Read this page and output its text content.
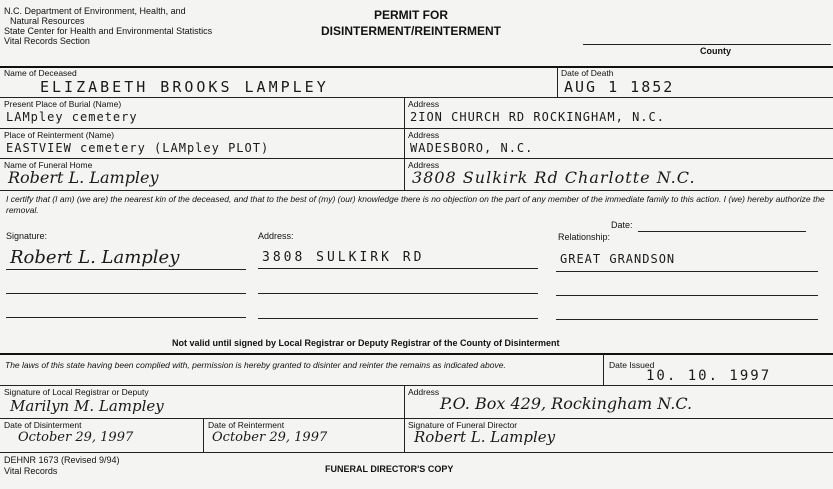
N.C. Department of Environment, Health, and
Natural Resources
State Center for Health and Environmental Statistics
Vital Records Section
PERMIT FOR
DISINTERMENT/REINTERMENT
County
Name of Deceased
ELIZABETH BROOKS LAMPLEY
Date of Death
AUG 1 1852
Present Place of Burial (Name)
LAMpley cemetery
Address
2ION CHURCH RD ROCKINGHAM, N.C.
Place of Reinterment (Name)
EASTVIEW cemetery (LAMpley PLOT)
Address
WADESBORO, N.C.
Name of Funeral Home
Robert L. Lampley
Address
3808 Sulkirk Rd Charlotte N.C.
I certify that (I am) (we are) the nearest kin of the deceased, and that to the best of (my) (our) knowledge there is no objection on the part of any member of the immediate family to this action. I (we) hereby authorize the removal.
Date:
Signature:	Address:	Relationship:
Robert L. Lampley	3808 SULKIRK RD	GREAT GRANDSON
Not valid until signed by Local Registrar or Deputy Registrar of the County of Disinterment
The laws of this state having been complied with, permission is hereby granted to disinter and reinter the remains as indicated above.	Date Issued
10. 10. 1997
Signature of Local Registrar or Deputy
Marilyn M. Lampley
Address
P.O. Box 429, Rockingham N.C.
Date of Disinterment
October 29, 1997
Date of Reinterment
October 29, 1997
Signature of Funeral Director
Robert L. Lampley
DEHNR 1673 (Revised 9/94)
Vital Records	FUNERAL DIRECTOR'S COPY
